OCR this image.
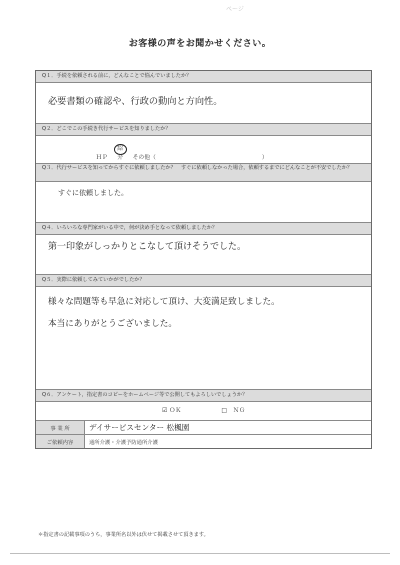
ぺージ
お客様の声をお聞かせください。
Q１．手続を依頼される前に，どんなことで悩んでいましたか？
必要書類の確認や、行政の動向と方向性。
Q２．どこでこの手続き代行サービスを知りましたか？
ＨＰ紹介 その他（	）
Q３．代行サービスを知ってからすぐに依頼しましたか？　すぐに依頼しなかった場合，依頼するまでにどんなことが不安でしたか？
すぐに依頼しました。
Q４．いろいろな専門家がいる中で，何が決め手となって依頼しましたか？
第一印象がしっかりとこなして頂けそうでした。
Q５．実際に依頼してみていかがでしたか？
様々な問題等も早急に対応して頂け、大変満足致しました。
本当にありがとうございました。
Q６．アンケート，指定書のコピーをホームページ等で公開してもよろしいでしょうか？
☑ ＯＫ	□　ＮＧ
事 業 所	デイサービスセンター 松楓園
ご依頼内容	通所介護・介護予防通所介護
＊指定書の記載事項のうち，事業所名以外は伏せて掲載させて頂きます。
